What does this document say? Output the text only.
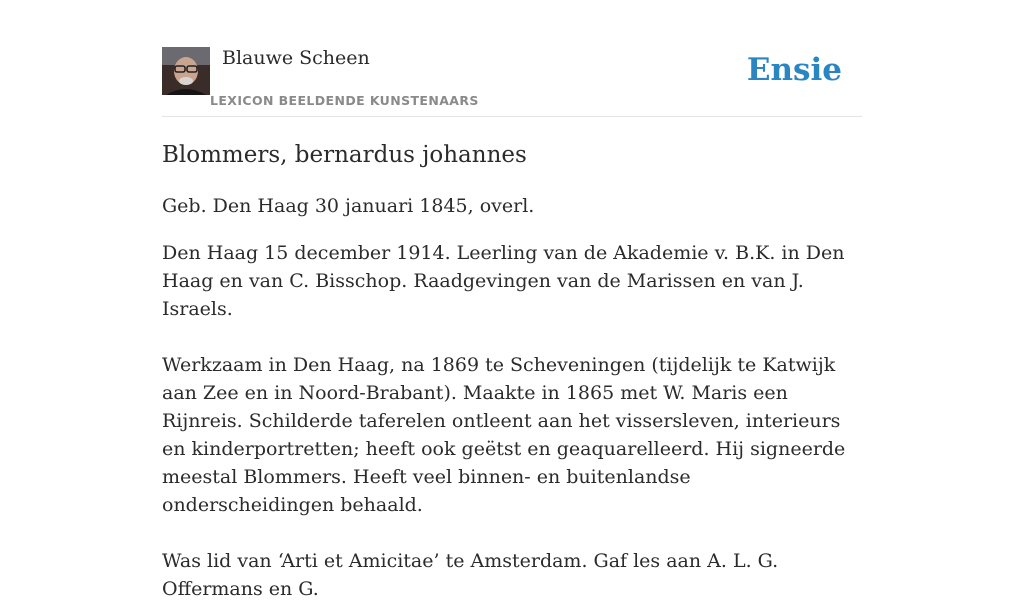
Blauwe Scheen
LEXICON BEELDENDE KUNSTENAARS
Ensie
Blommers, bernardus johannes

Geb. Den Haag 30 januari 1845, overl.

Den Haag 15 december 1914. Leerling van de Akademie v. B.K. in Den Haag en van C. Bisschop. Raadgevingen van de Marissen en van J. Israels.

Werkzaam in Den Haag, na 1869 te Scheveningen (tijdelijk te Katwijk aan Zee en in Noord-Brabant). Maakte in 1865 met W. Maris een Rijnreis. Schilderde taferelen ontleent aan het vissersleven, interieurs en kinderportretten; heeft ook geëtst en geaquarelleerd. Hij signeerde meestal Blommers. Heeft veel binnen- en buitenlandse onderscheidingen behaald.

Was lid van ‘Arti et Amicitae’ te Amsterdam. Gaf les aan A. L. G. Offermans en G.
